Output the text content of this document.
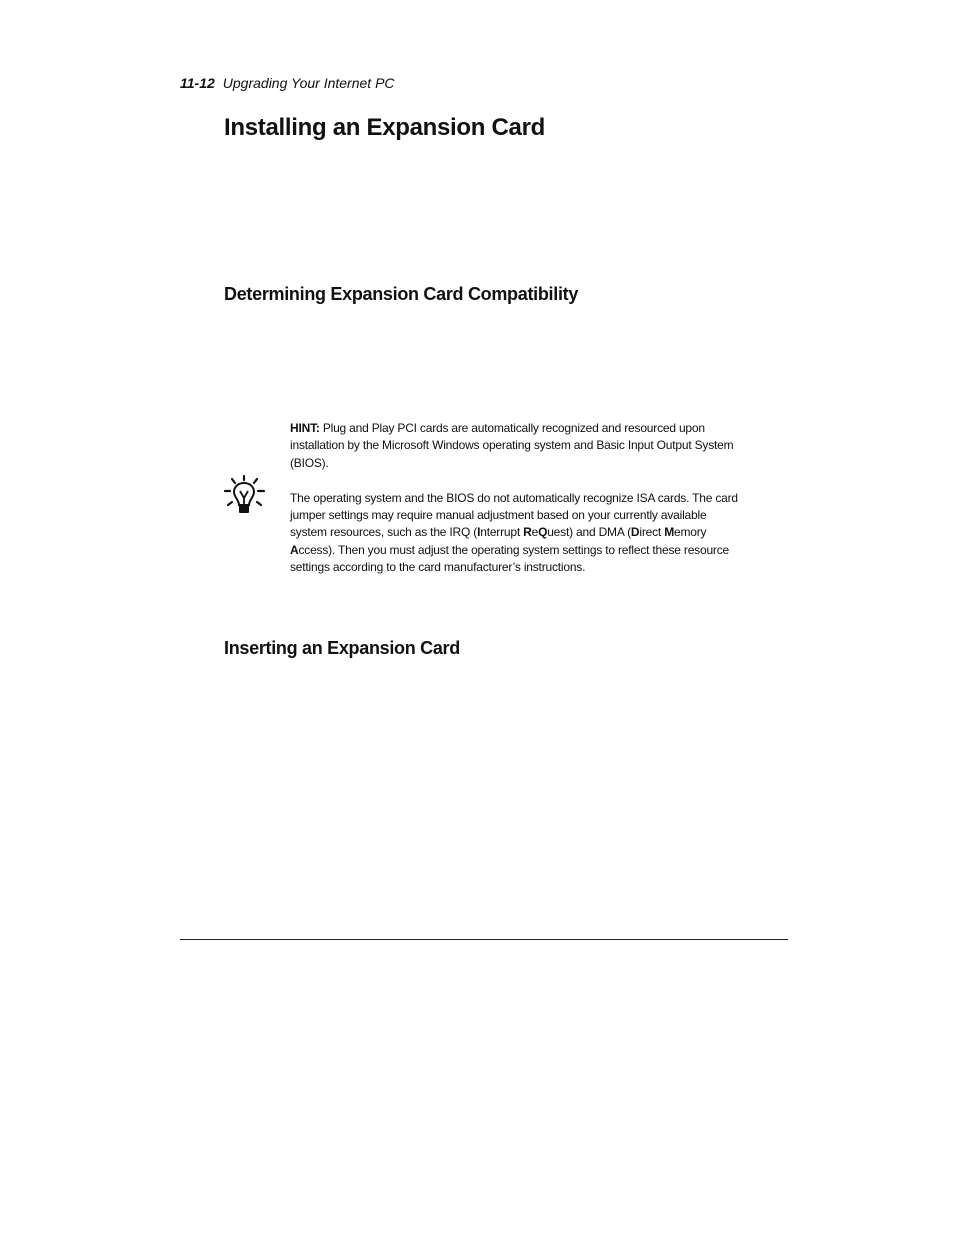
11-12 Upgrading Your Internet PC
Installing an Expansion Card
Determining Expansion Card Compatibility

HINT: Plug and Play PCI cards are automatically recognized and resourced upon installation by the Microsoft Windows operating system and Basic Input Output System (BIOS).

The operating system and the BIOS do not automatically recognize ISA cards. The card jumper settings may require manual adjustment based on your currently available system resources, such as the IRQ (Interrupt ReQuest) and DMA (Direct Memory Access). Then you must adjust the operating system settings to reflect these resource settings according to the card manufacturer’s instructions.

Inserting an Expansion Card
